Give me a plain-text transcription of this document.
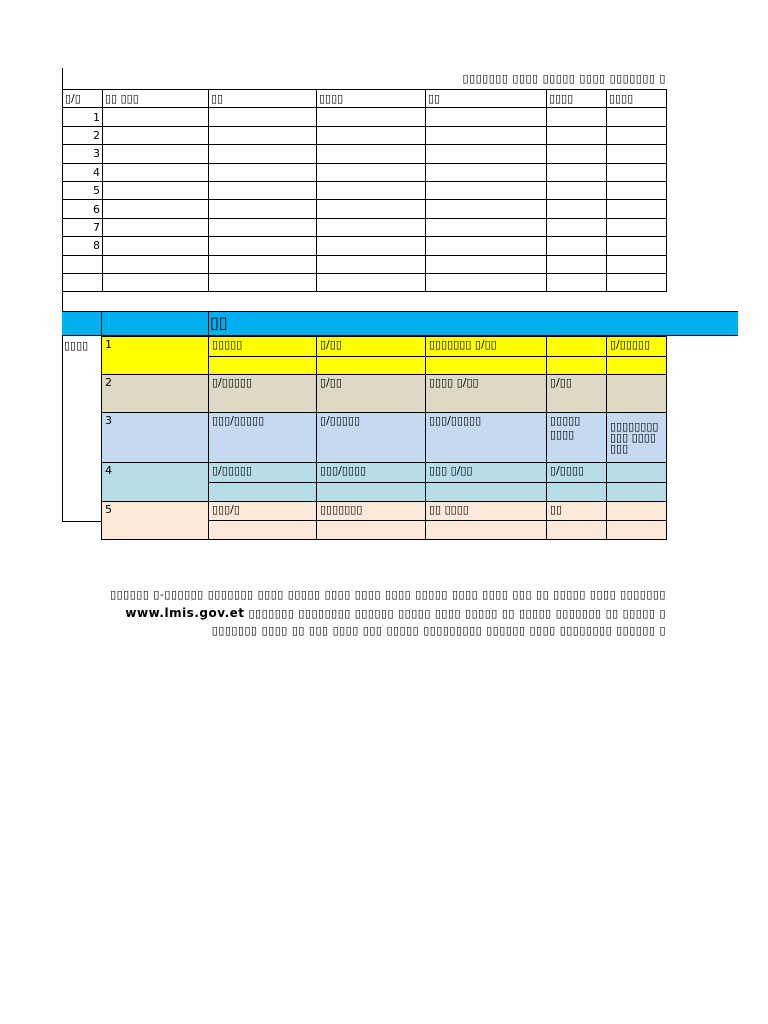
▯▯▯▯▯▯▯ ▯▯▯▯ ▯▯▯▯▯ ▯▯▯▯ ▯▯▯▯▯▯▯ ▯
▯/▯	▯▯ ▯▯▯	▯▯	▯▯▯▯	▯▯	▯▯▯▯	▯▯▯▯
1						
2						
3						
4						
5						
6						
7						
8						

▯▯
▯▯▯▯ 1	▯▯▯▯▯	▯/▯▯	▯▯▯▯▯▯▯ ▯/▯▯		▯/▯▯▯▯▯

2	▯/▯▯▯▯▯	▯/▯▯	▯▯▯▯ ▯/▯▯	▯/▯▯	
3	▯▯▯/▯▯▯▯▯	▯/▯▯▯▯▯	▯▯▯/▯▯▯▯▯	▯▯▯▯▯ ▯▯▯▯	▯▯▯▯▯▯▯▯ ▯▯▯ ▯▯▯▯ ▯▯▯
4	▯/▯▯▯▯▯	▯▯▯/▯▯▯▯	▯▯▯ ▯/▯▯	▯/▯▯▯▯	

5	▯▯▯/▯	▯▯▯▯▯▯▯	▯▯ ▯▯▯▯	▯▯	

▯▯▯▯▯▯ ▯-▯▯▯▯▯▯ ▯▯▯▯▯▯▯ ▯▯▯▯ ▯▯▯▯▯ ▯▯▯▯ ▯▯▯▯ ▯▯▯▯ ▯▯▯▯▯ ▯▯▯▯ ▯▯▯▯ ▯▯▯ ▯▯ ▯▯▯▯▯ ▯▯▯▯ ▯▯▯▯▯▯▯
www.lmis.gov.et ▯▯▯▯▯▯▯ ▯▯▯▯▯▯▯▯ ▯▯▯▯▯▯ ▯▯▯▯▯ ▯▯▯▯ ▯▯▯▯▯ ▯▯ ▯▯▯▯▯ ▯▯▯▯▯▯▯ ▯▯ ▯▯▯▯▯ ▯
▯▯▯▯▯▯▯ ▯▯▯▯ ▯▯ ▯▯▯ ▯▯▯▯ ▯▯▯ ▯▯▯▯▯ ▯▯▯▯▯▯▯▯▯ ▯▯▯▯▯▯ ▯▯▯▯ ▯▯▯▯▯▯▯▯ ▯▯▯▯▯▯ ▯
